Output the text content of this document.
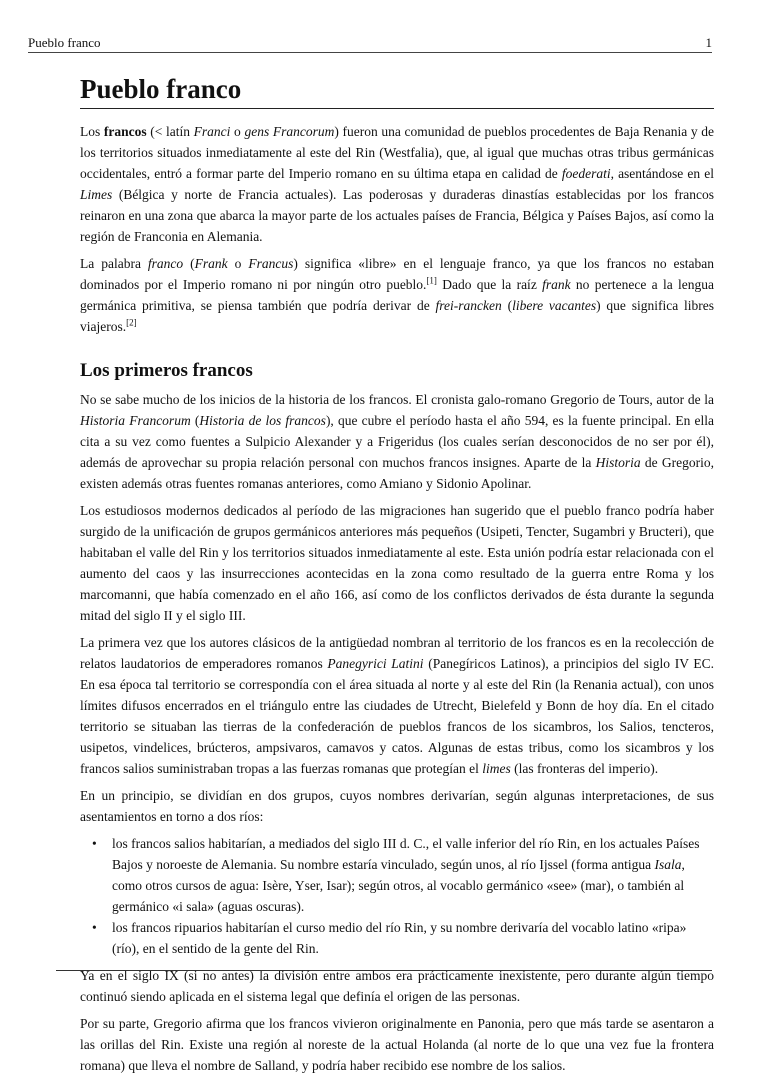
Pueblo franco	1
Pueblo franco

Los francos (< latín Franci o gens Francorum) fueron una comunidad de pueblos procedentes de Baja Renania y de los territorios situados inmediatamente al este del Rin (Westfalia), que, al igual que muchas otras tribus germánicas occidentales, entró a formar parte del Imperio romano en su última etapa en calidad de foederati, asentándose en el Limes (Bélgica y norte de Francia actuales). Las poderosas y duraderas dinastías establecidas por los francos reinaron en una zona que abarca la mayor parte de los actuales países de Francia, Bélgica y Países Bajos, así como la región de Franconia en Alemania.

La palabra franco (Frank o Francus) significa «libre» en el lenguaje franco, ya que los francos no estaban dominados por el Imperio romano ni por ningún otro pueblo.[1] Dado que la raíz frank no pertenece a la lengua germánica primitiva, se piensa también que podría derivar de frei-rancken (libere vacantes) que significa libres viajeros.[2]

Los primeros francos

No se sabe mucho de los inicios de la historia de los francos. El cronista galo-romano Gregorio de Tours, autor de la Historia Francorum (Historia de los francos), que cubre el período hasta el año 594, es la fuente principal. En ella cita a su vez como fuentes a Sulpicio Alexander y a Frigeridus (los cuales serían desconocidos de no ser por él), además de aprovechar su propia relación personal con muchos francos insignes. Aparte de la Historia de Gregorio, existen además otras fuentes romanas anteriores, como Amiano y Sidonio Apolinar.

Los estudiosos modernos dedicados al período de las migraciones han sugerido que el pueblo franco podría haber surgido de la unificación de grupos germánicos anteriores más pequeños (Usipeti, Tencter, Sugambri y Bructeri), que habitaban el valle del Rin y los territorios situados inmediatamente al este. Esta unión podría estar relacionada con el aumento del caos y las insurrecciones acontecidas en la zona como resultado de la guerra entre Roma y los marcomanni, que había comenzado en el año 166, así como de los conflictos derivados de ésta durante la segunda mitad del siglo II y el siglo III.

La primera vez que los autores clásicos de la antigüedad nombran al territorio de los francos es en la recolección de relatos laudatorios de emperadores romanos Panegyrici Latini (Panegíricos Latinos), a principios del siglo IV EC. En esa época tal territorio se correspondía con el área situada al norte y al este del Rin (la Renania actual), con unos límites difusos encerrados en el triángulo entre las ciudades de Utrecht, Bielefeld y Bonn de hoy día. En el citado territorio se situaban las tierras de la confederación de pueblos francos de los sicambros, los Salios, tencteros, usipetos, vindelices, brúcteros, ampsivaros, camavos y catos. Algunas de estas tribus, como los sicambros y los francos salios suministraban tropas a las fuerzas romanas que protegían el limes (las fronteras del imperio).

En un principio, se dividían en dos grupos, cuyos nombres derivarían, según algunas interpretaciones, de sus asentamientos en torno a dos ríos:

• los francos salios habitarían, a mediados del siglo III d. C., el valle inferior del río Rin, en los actuales Países Bajos y noroeste de Alemania. Su nombre estaría vinculado, según unos, al río Ijssel (forma antigua Isala, como otros cursos de agua: Isère, Yser, Isar); según otros, al vocablo germánico «see» (mar), o también al germánico «i sala» (aguas oscuras).
• los francos ripuarios habitarían el curso medio del río Rin, y su nombre derivaría del vocablo latino «ripa» (río), en el sentido de la gente del Rin.

Ya en el siglo IX (si no antes) la división entre ambos era prácticamente inexistente, pero durante algún tiempo continuó siendo aplicada en el sistema legal que definía el origen de las personas.

Por su parte, Gregorio afirma que los francos vivieron originalmente en Panonia, pero que más tarde se asentaron a las orillas del Rin. Existe una región al noreste de la actual Holanda (al norte de lo que una vez fue la frontera romana) que lleva el nombre de Salland, y podría haber recibido ese nombre de los salios.
